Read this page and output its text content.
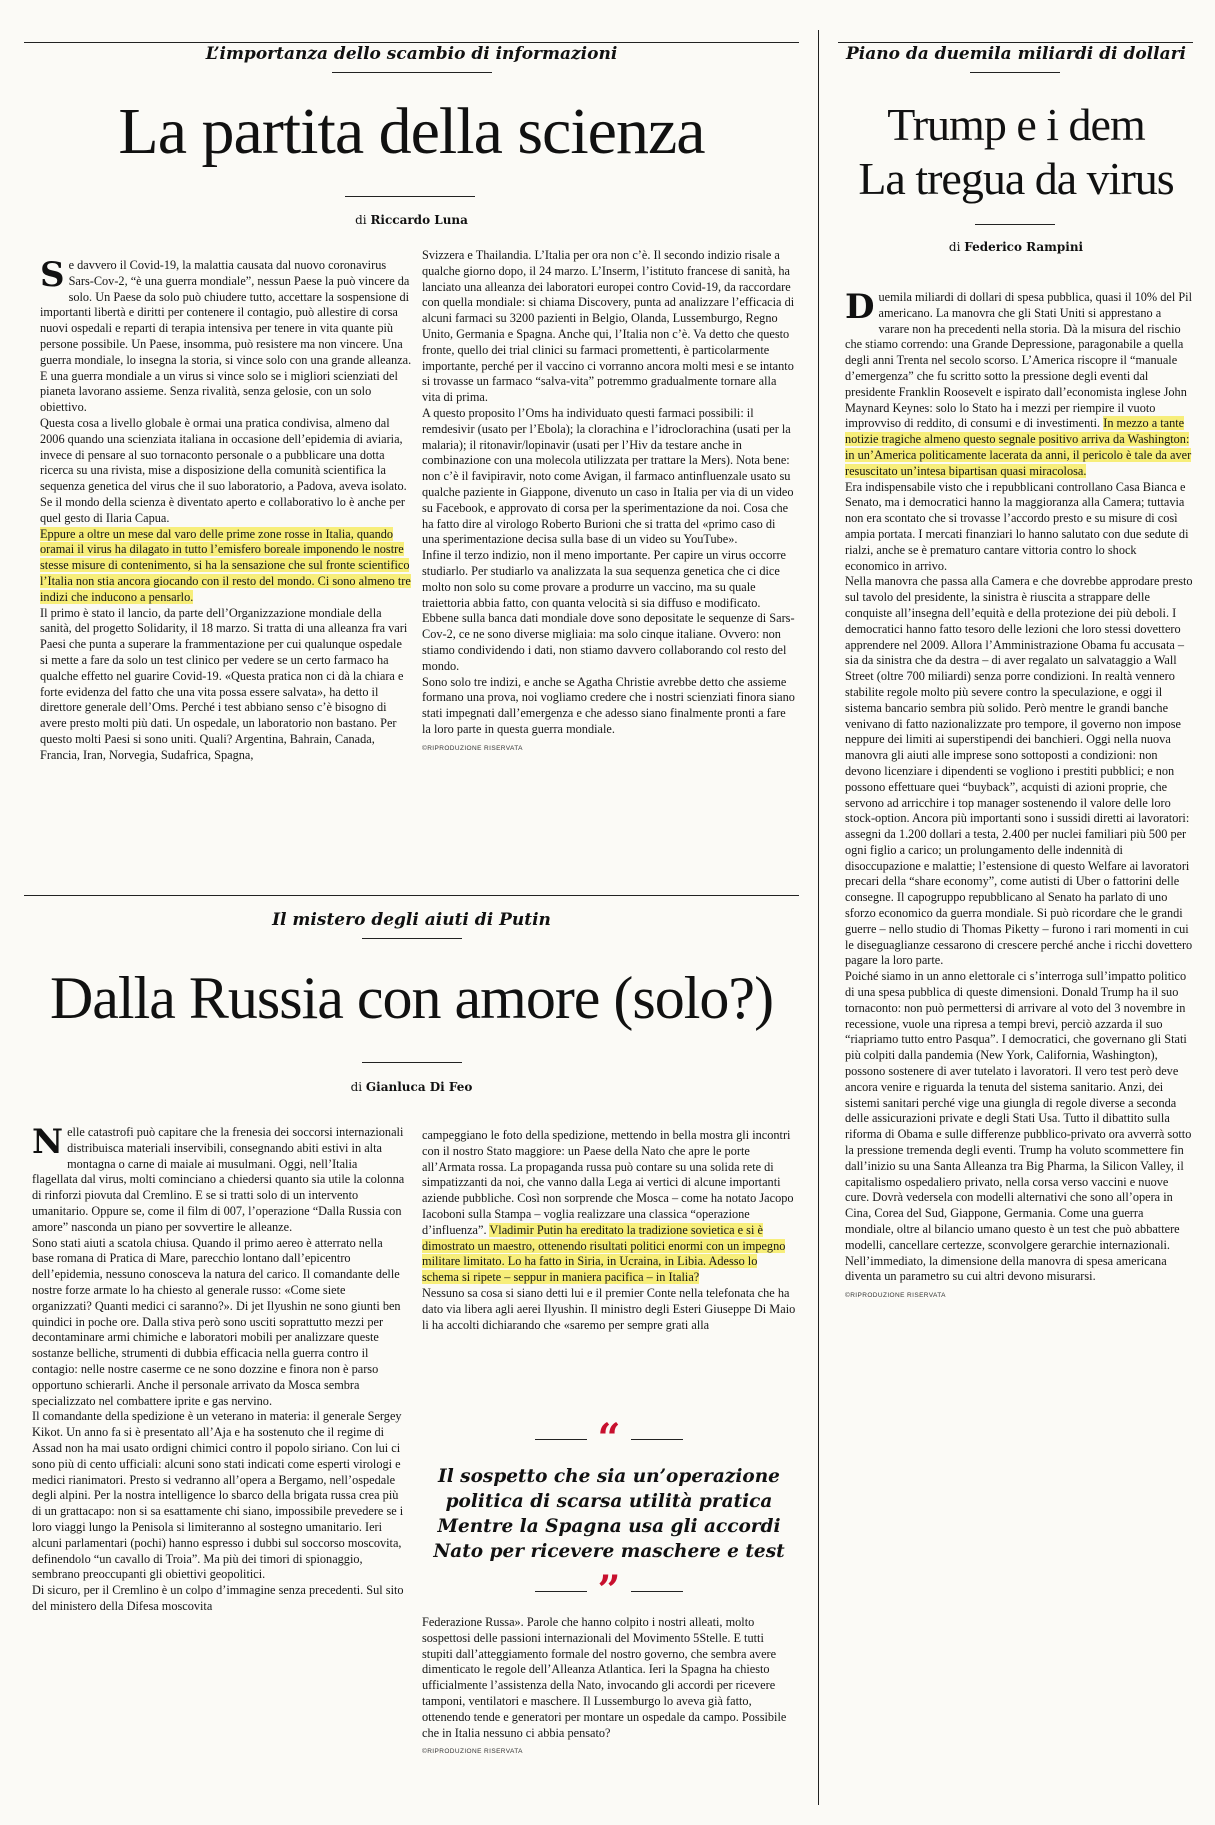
L’importanza dello scambio di informazioni
La partita della scienza
di Riccardo Luna

Se davvero il Covid-19, la malattia causata dal nuovo coronavirus Sars-Cov-2, “è una guerra mondiale”, nessun Paese la può vincere da solo. Un Paese da solo può chiudere tutto, accettare la sospensione di importanti libertà e diritti per contenere il contagio, può allestire di corsa nuovi ospedali e reparti di terapia intensiva per tenere in vita quante più persone possibile. Un Paese, insomma, può resistere ma non vincere. Una guerra mondiale, lo insegna la storia, si vince solo con una grande alleanza. E una guerra mondiale a un virus si vince solo se i migliori scienziati del pianeta lavorano assieme. Senza rivalità, senza gelosie, con un solo obiettivo.

Questa cosa a livello globale è ormai una pratica condivisa, almeno dal 2006 quando una scienziata italiana in occasione dell’epidemia di aviaria, invece di pensare al suo tornaconto personale o a pubblicare una dotta ricerca su una rivista, mise a disposizione della comunità scientifica la sequenza genetica del virus che il suo laboratorio, a Padova, aveva isolato. Se il mondo della scienza è diventato aperto e collaborativo lo è anche per quel gesto di Ilaria Capua.

Eppure a oltre un mese dal varo delle prime zone rosse in Italia, quando oramai il virus ha dilagato in tutto l’emisfero boreale imponendo le nostre stesse misure di contenimento, si ha la sensazione che sul fronte scientifico l’Italia non stia ancora giocando con il resto del mondo. Ci sono almeno tre indizi che inducono a pensarlo.

Il primo è stato il lancio, da parte dell’Organizzazione mondiale della sanità, del progetto Solidarity, il 18 marzo. Si tratta di una alleanza fra vari Paesi che punta a superare la frammentazione per cui qualunque ospedale si mette a fare da solo un test clinico per vedere se un certo farmaco ha qualche effetto nel guarire Covid-19. «Questa pratica non ci dà la chiara e forte evidenza del fatto che una vita possa essere salvata», ha detto il direttore generale dell’Oms. Perché i test abbiano senso c’è bisogno di avere presto molti più dati. Un ospedale, un laboratorio non bastano. Per questo molti Paesi si sono uniti. Quali? Argentina, Bahrain, Canada, Francia, Iran, Norvegia, Sudafrica, Spagna,

Svizzera e Thailandia. L’Italia per ora non c’è. Il secondo indizio risale a qualche giorno dopo, il 24 marzo. L’Inserm, l’istituto francese di sanità, ha lanciato una alleanza dei laboratori europei contro Covid-19, da raccordare con quella mondiale: si chiama Discovery, punta ad analizzare l’efficacia di alcuni farmaci su 3200 pazienti in Belgio, Olanda, Lussemburgo, Regno Unito, Germania e Spagna. Anche qui, l’Italia non c’è. Va detto che questo fronte, quello dei trial clinici su farmaci promettenti, è particolarmente importante, perché per il vaccino ci vorranno ancora molti mesi e se intanto si trovasse un farmaco “salva-vita” potremmo gradualmente tornare alla vita di prima.

A questo proposito l’Oms ha individuato questi farmaci possibili: il remdesivir (usato per l’Ebola); la clorachina e l’idroclorachina (usati per la malaria); il ritonavir/lopinavir (usati per l’Hiv da testare anche in combinazione con una molecola utilizzata per trattare la Mers). Nota bene: non c’è il favipiravir, noto come Avigan, il farmaco antinfluenzale usato su qualche paziente in Giappone, divenuto un caso in Italia per via di un video su Facebook, e approvato di corsa per la sperimentazione da noi. Cosa che ha fatto dire al virologo Roberto Burioni che si tratta del «primo caso di una sperimentazione decisa sulla base di un video su YouTube».

Infine il terzo indizio, non il meno importante. Per capire un virus occorre studiarlo. Per studiarlo va analizzata la sua sequenza genetica che ci dice molto non solo su come provare a produrre un vaccino, ma su quale traiettoria abbia fatto, con quanta velocità si sia diffuso e modificato. Ebbene sulla banca dati mondiale dove sono depositate le sequenze di Sars-Cov-2, ce ne sono diverse migliaia: ma solo cinque italiane. Ovvero: non stiamo condividendo i dati, non stiamo davvero collaborando col resto del mondo.

Sono solo tre indizi, e anche se Agatha Christie avrebbe detto che assieme formano una prova, noi vogliamo credere che i nostri scienziati finora siano stati impegnati dall’emergenza e che adesso siano finalmente pronti a fare la loro parte in questa guerra mondiale.

©RIPRODUZIONE RISERVATA

Il mistero degli aiuti di Putin
Dalla Russia con amore (solo?)
di Gianluca Di Feo

Nelle catastrofi può capitare che la frenesia dei soccorsi internazionali distribuisca materiali inservibili, consegnando abiti estivi in alta montagna o carne di maiale ai musulmani. Oggi, nell’Italia flagellata dal virus, molti cominciano a chiedersi quanto sia utile la colonna di rinforzi piovuta dal Cremlino. E se si tratti solo di un intervento umanitario. Oppure se, come il film di 007, l’operazione “Dalla Russia con amore” nasconda un piano per sovvertire le alleanze.

Sono stati aiuti a scatola chiusa. Quando il primo aereo è atterrato nella base romana di Pratica di Mare, parecchio lontano dall’epicentro dell’epidemia, nessuno conosceva la natura del carico. Il comandante delle nostre forze armate lo ha chiesto al generale russo: «Come siete organizzati? Quanti medici ci saranno?». Di jet Ilyushin ne sono giunti ben quindici in poche ore. Dalla stiva però sono usciti soprattutto mezzi per decontaminare armi chimiche e laboratori mobili per analizzare queste sostanze belliche, strumenti di dubbia efficacia nella guerra contro il contagio: nelle nostre caserme ce ne sono dozzine e finora non è parso opportuno schierarli. Anche il personale arrivato da Mosca sembra specializzato nel combattere iprite e gas nervino.

Il comandante della spedizione è un veterano in materia: il generale Sergey Kikot. Un anno fa si è presentato all’Aja e ha sostenuto che il regime di Assad non ha mai usato ordigni chimici contro il popolo siriano. Con lui ci sono più di cento ufficiali: alcuni sono stati indicati come esperti virologi e medici rianimatori. Presto si vedranno all’opera a Bergamo, nell’ospedale degli alpini. Per la nostra intelligence lo sbarco della brigata russa crea più di un grattacapo: non si sa esattamente chi siano, impossibile prevedere se i loro viaggi lungo la Penisola si limiteranno al sostegno umanitario. Ieri alcuni parlamentari (pochi) hanno espresso i dubbi sul soccorso moscovita, definendolo “un cavallo di Troia”. Ma più dei timori di spionaggio, sembrano preoccupanti gli obiettivi geopolitici.

Di sicuro, per il Cremlino è un colpo d’immagine senza precedenti. Sul sito del ministero della Difesa moscovita

campeggiano le foto della spedizione, mettendo in bella mostra gli incontri con il nostro Stato maggiore: un Paese della Nato che apre le porte all’Armata rossa. La propaganda russa può contare su una solida rete di simpatizzanti da noi, che vanno dalla Lega ai vertici di alcune importanti aziende pubbliche. Così non sorprende che Mosca – come ha notato Jacopo Iacoboni sulla Stampa – voglia realizzare una classica “operazione d’influenza”. Vladimir Putin ha ereditato la tradizione sovietica e si è dimostrato un maestro, ottenendo risultati politici enormi con un impegno militare limitato. Lo ha fatto in Siria, in Ucraina, in Libia. Adesso lo schema si ripete – seppur in maniera pacifica – in Italia?

Nessuno sa cosa si siano detti lui e il premier Conte nella telefonata che ha dato via libera agli aerei Ilyushin. Il ministro degli Esteri Giuseppe Di Maio li ha accolti dichiarando che «saremo per sempre grati alla

“
Il sospetto che sia un’operazione politica di scarsa utilità pratica Mentre la Spagna usa gli accordi Nato per ricevere maschere e test
”

Federazione Russa». Parole che hanno colpito i nostri alleati, molto sospettosi delle passioni internazionali del Movimento 5Stelle. E tutti stupiti dall’atteggiamento formale del nostro governo, che sembra avere dimenticato le regole dell’Alleanza Atlantica. Ieri la Spagna ha chiesto ufficialmente l’assistenza della Nato, invocando gli accordi per ricevere tamponi, ventilatori e maschere. Il Lussemburgo lo aveva già fatto, ottenendo tende e generatori per montare un ospedale da campo. Possibile che in Italia nessuno ci abbia pensato?

©RIPRODUZIONE RISERVATA

Piano da duemila miliardi di dollari
Trump e i dem
La tregua da virus
di Federico Rampini

Duemila miliardi di dollari di spesa pubblica, quasi il 10% del Pil americano. La manovra che gli Stati Uniti si apprestano a varare non ha precedenti nella storia. Dà la misura del rischio che stiamo correndo: una Grande Depressione, paragonabile a quella degli anni Trenta nel secolo scorso. L’America riscopre il “manuale d’emergenza” che fu scritto sotto la pressione degli eventi dal presidente Franklin Roosevelt e ispirato dall’economista inglese John Maynard Keynes: solo lo Stato ha i mezzi per riempire il vuoto improvviso di reddito, di consumi e di investimenti. In mezzo a tante notizie tragiche almeno questo segnale positivo arriva da Washington: in un’America politicamente lacerata da anni, il pericolo è tale da aver resuscitato un’intesa bipartisan quasi miracolosa.

Era indispensabile visto che i repubblicani controllano Casa Bianca e Senato, ma i democratici hanno la maggioranza alla Camera; tuttavia non era scontato che si trovasse l’accordo presto e su misure di così ampia portata. I mercati finanziari lo hanno salutato con due sedute di rialzi, anche se è prematuro cantare vittoria contro lo shock economico in arrivo.

Nella manovra che passa alla Camera e che dovrebbe approdare presto sul tavolo del presidente, la sinistra è riuscita a strappare delle conquiste all’insegna dell’equità e della protezione dei più deboli. I democratici hanno fatto tesoro delle lezioni che loro stessi dovettero apprendere nel 2009. Allora l’Amministrazione Obama fu accusata – sia da sinistra che da destra – di aver regalato un salvataggio a Wall Street (oltre 700 miliardi) senza porre condizioni. In realtà vennero stabilite regole molto più severe contro la speculazione, e oggi il sistema bancario sembra più solido. Però mentre le grandi banche venivano di fatto nazionalizzate pro tempore, il governo non impose neppure dei limiti ai superstipendi dei banchieri. Oggi nella nuova manovra gli aiuti alle imprese sono sottoposti a condizioni: non devono licenziare i dipendenti se vogliono i prestiti pubblici; e non possono effettuare quei “buyback”, acquisti di azioni proprie, che servono ad arricchire i top manager sostenendo il valore delle loro stock-option. Ancora più importanti sono i sussidi diretti ai lavoratori: assegni da 1.200 dollari a testa, 2.400 per nuclei familiari più 500 per ogni figlio a carico; un prolungamento delle indennità di disoccupazione e malattie; l’estensione di questo Welfare ai lavoratori precari della “share economy”, come autisti di Uber o fattorini delle consegne. Il capogruppo repubblicano al Senato ha parlato di uno sforzo economico da guerra mondiale. Si può ricordare che le grandi guerre – nello studio di Thomas Piketty – furono i rari momenti in cui le diseguaglianze cessarono di crescere perché anche i ricchi dovettero pagare la loro parte.

Poiché siamo in un anno elettorale ci s’interroga sull’impatto politico di una spesa pubblica di queste dimensioni. Donald Trump ha il suo tornaconto: non può permettersi di arrivare al voto del 3 novembre in recessione, vuole una ripresa a tempi brevi, perciò azzarda il suo “riapriamo tutto entro Pasqua”. I democratici, che governano gli Stati più colpiti dalla pandemia (New York, California, Washington), possono sostenere di aver tutelato i lavoratori. Il vero test però deve ancora venire e riguarda la tenuta del sistema sanitario. Anzi, dei sistemi sanitari perché vige una giungla di regole diverse a seconda delle assicurazioni private e degli Stati Usa. Tutto il dibattito sulla riforma di Obama e sulle differenze pubblico-privato ora avverrà sotto la pressione tremenda degli eventi. Trump ha voluto scommettere fin dall’inizio su una Santa Alleanza tra Big Pharma, la Silicon Valley, il capitalismo ospedaliero privato, nella corsa verso vaccini e nuove cure. Dovrà vedersela con modelli alternativi che sono all’opera in Cina, Corea del Sud, Giappone, Germania. Come una guerra mondiale, oltre al bilancio umano questo è un test che può abbattere modelli, cancellare certezze, sconvolgere gerarchie internazionali.

Nell’immediato, la dimensione della manovra di spesa americana diventa un parametro su cui altri devono misurarsi.

©RIPRODUZIONE RISERVATA
